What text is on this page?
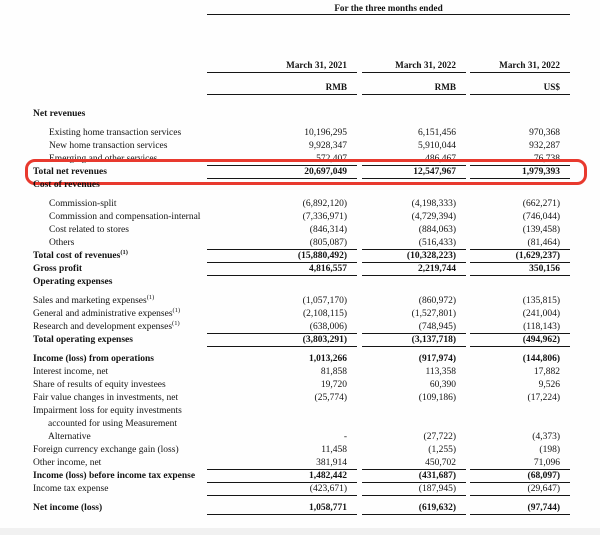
For the three months ended
March 31, 2021	March 31, 2022	March 31, 2022
RMB	RMB	US$
Net revenues
Existing home transaction services	10,196,295	6,151,456	970,368
New home transaction services	9,928,347	5,910,044	932,287
Emerging and other services	572,407	486,467	76,738
Total net revenues	20,697,049	12,547,967	1,979,393
Cost of revenues
Commission-split	(6,892,120)	(4,198,333)	(662,271)
Commission and compensation-internal	(7,336,971)	(4,729,394)	(746,044)
Cost related to stores	(846,314)	(884,063)	(139,458)
Others	(805,087)	(516,433)	(81,464)
Total cost of revenues$^{(1)}$	(15,880,492)	(10,328,223)	(1,629,237)
Gross profit	4,816,557	2,219,744	350,156
Operating expenses
Sales and marketing expenses$^{(1)}$	(1,057,170)	(860,972)	(135,815)
General and administrative expenses$^{(1)}$	(2,108,115)	(1,527,801)	(241,004)
Research and development expenses$^{(1)}$	(638,006)	(748,945)	(118,143)
Total operating expenses	(3,803,291)	(3,137,718)	(494,962)
Income (loss) from operations	1,013,266	(917,974)	(144,806)
Interest income, net	81,858	113,358	17,882
Share of results of equity investees	19,720	60,390	9,526
Fair value changes in investments, net	(25,774)	(109,186)	(17,224)
Impairment loss for equity investments
accounted for using Measurement
Alternative	-	(27,722)	(4,373)
Foreign currency exchange gain (loss)	11,458	(1,255)	(198)
Other income, net	381,914	450,702	71,096
Income (loss) before income tax expense	1,482,442	(431,687)	(68,097)
Income tax expense	(423,671)	(187,945)	(29,647)
Net income (loss)	1,058,771	(619,632)	(97,744)
